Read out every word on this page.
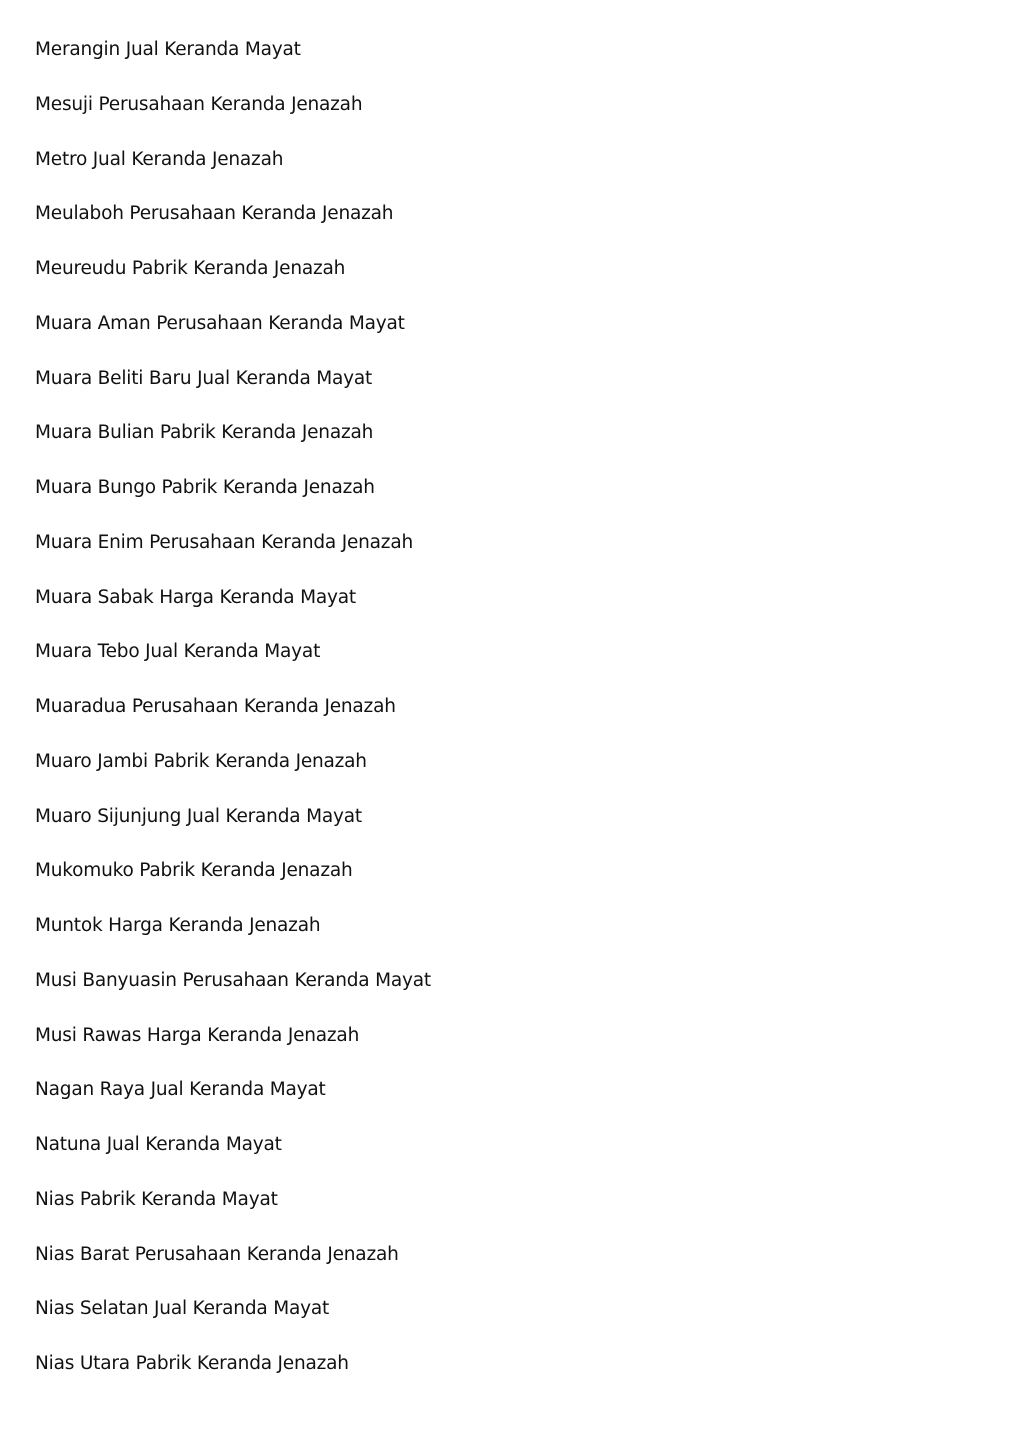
Merangin Jual Keranda Mayat
Mesuji Perusahaan Keranda Jenazah
Metro Jual Keranda Jenazah
Meulaboh Perusahaan Keranda Jenazah
Meureudu Pabrik Keranda Jenazah
Muara Aman Perusahaan Keranda Mayat
Muara Beliti Baru Jual Keranda Mayat
Muara Bulian Pabrik Keranda Jenazah
Muara Bungo Pabrik Keranda Jenazah
Muara Enim Perusahaan Keranda Jenazah
Muara Sabak Harga Keranda Mayat
Muara Tebo Jual Keranda Mayat
Muaradua Perusahaan Keranda Jenazah
Muaro Jambi Pabrik Keranda Jenazah
Muaro Sijunjung Jual Keranda Mayat
Mukomuko Pabrik Keranda Jenazah
Muntok Harga Keranda Jenazah
Musi Banyuasin Perusahaan Keranda Mayat
Musi Rawas Harga Keranda Jenazah
Nagan Raya Jual Keranda Mayat
Natuna Jual Keranda Mayat
Nias Pabrik Keranda Mayat
Nias Barat Perusahaan Keranda Jenazah
Nias Selatan Jual Keranda Mayat
Nias Utara Pabrik Keranda Jenazah
